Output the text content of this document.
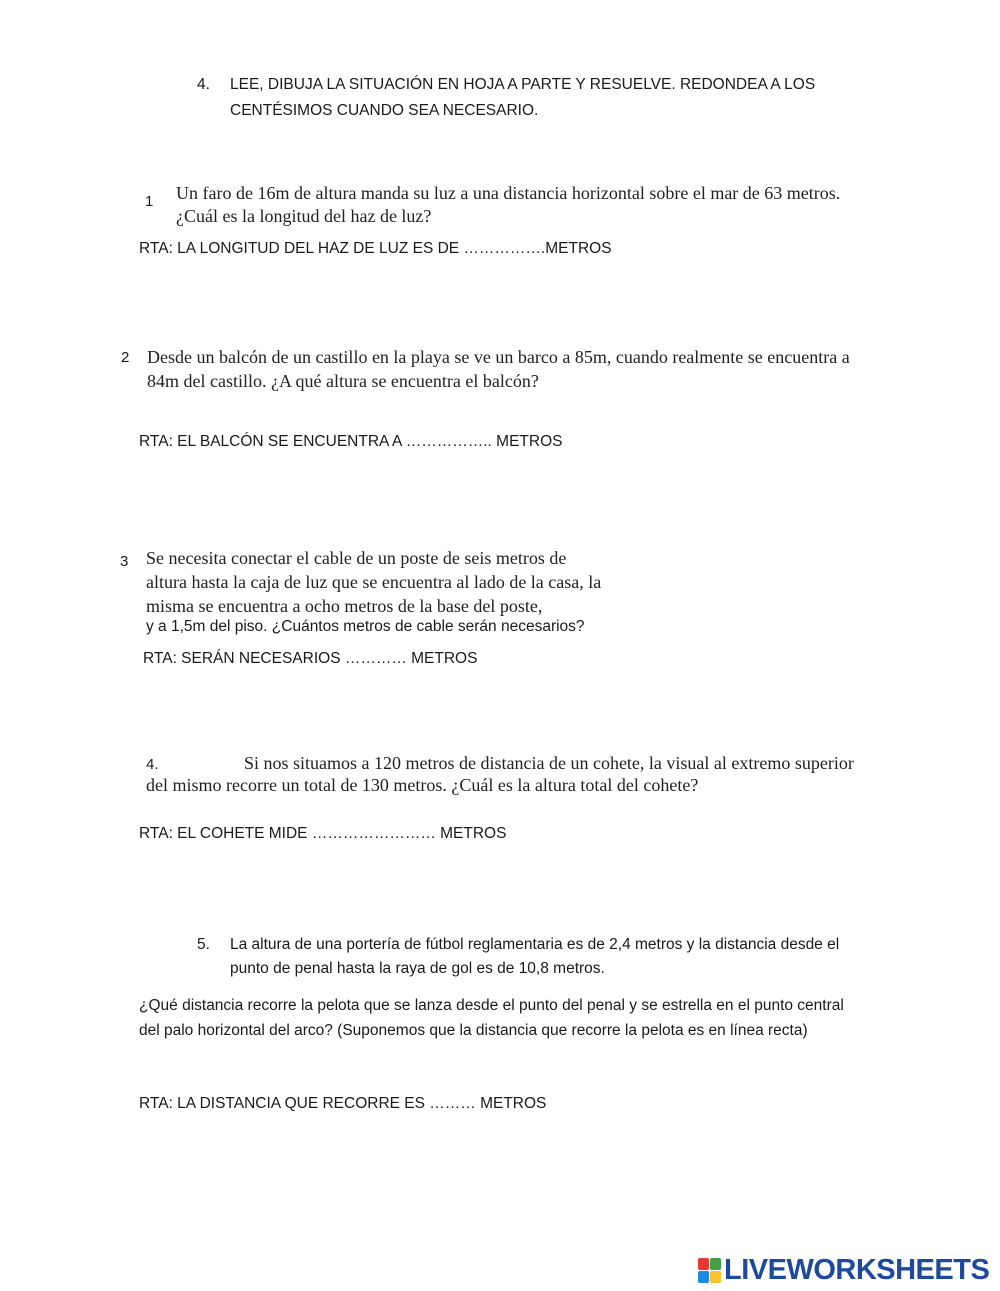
4. LEE, DIBUJA LA SITUACIÓN EN HOJA A PARTE Y RESUELVE. REDONDEA A LOS
CENTÉSIMOS CUANDO SEA NECESARIO.
1 Un faro de 16m de altura manda su luz a una distancia horizontal sobre el mar de 63 metros.
¿Cuál es la longitud del haz de luz?
RTA: LA LONGITUD DEL HAZ DE LUZ ES DE …………….METROS
2 Desde un balcón de un castillo en la playa se ve un barco a 85m, cuando realmente se encuentra a
84m del castillo. ¿A qué altura se encuentra el balcón?
RTA: EL BALCÓN SE ENCUENTRA A …………….. METROS
3 Se necesita conectar el cable de un poste de seis metros de
altura hasta la caja de luz que se encuentra al lado de la casa, la
misma se encuentra a ocho metros de la base del poste,
y a 1,5m del piso. ¿Cuántos metros de cable serán necesarios?
RTA: SERÁN NECESARIOS ………… METROS
4.	Si nos situamos a 120 metros de distancia de un cohete, la visual al extremo superior
del mismo recorre un total de 130 metros. ¿Cuál es la altura total del cohete?
RTA: EL COHETE MIDE …………………… METROS
5. La altura de una portería de fútbol reglamentaria es de 2,4 metros y la distancia desde el
punto de penal hasta la raya de gol es de 10,8 metros.
¿Qué distancia recorre la pelota que se lanza desde el punto del penal y se estrella en el punto central
del palo horizontal del arco? (Suponemos que la distancia que recorre la pelota es en línea recta)
RTA: LA DISTANCIA QUE RECORRE ES ……… METROS
LIVEWORKSHEETS
